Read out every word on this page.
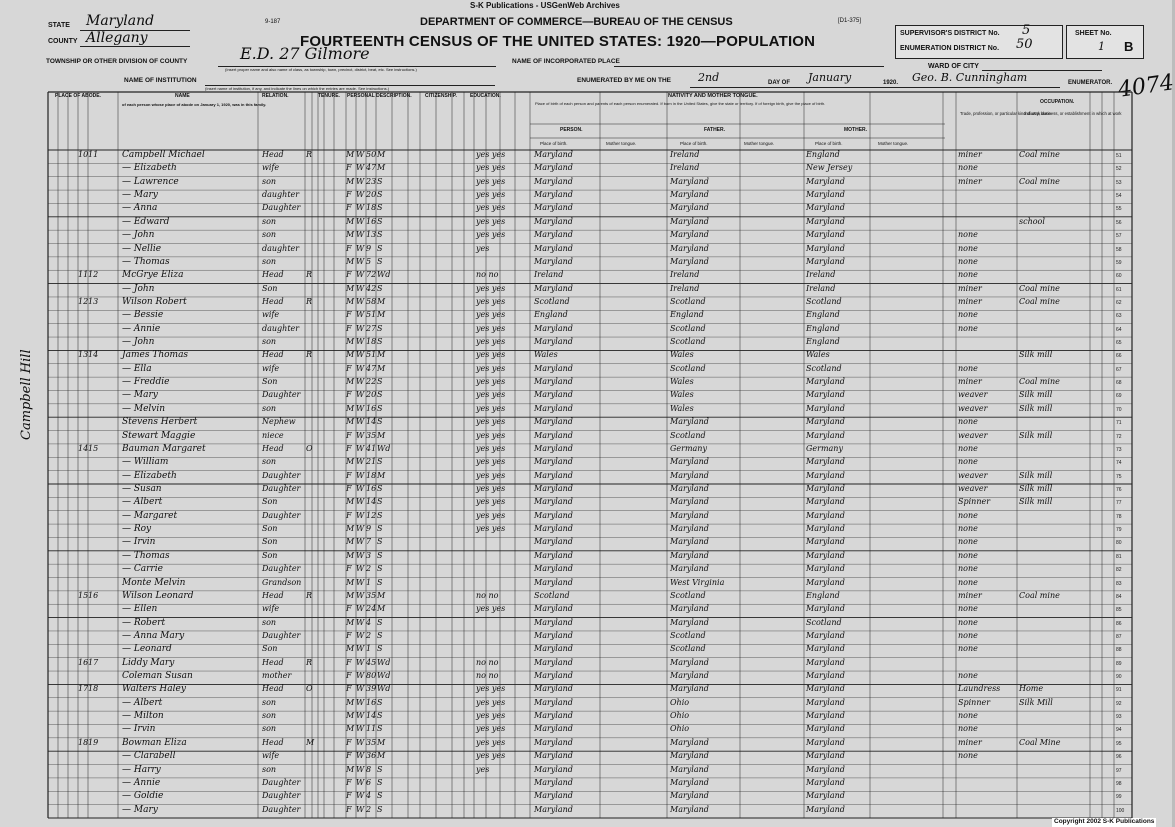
S-K Publications - USGenWeb Archives
9-187	DEPARTMENT OF COMMERCE—BUREAU OF THE CENSUS	[D1-375]
FOURTEENTH CENSUS OF THE UNITED STATES: 1920—POPULATION
STATE Maryland
COUNTY Allegany
TOWNSHIP OR OTHER DIVISION OF COUNTY	E.D. 27 Gilmore
(Insert proper name and also name of class, as township, town, precinct, district, beat, etc. See instructions.)
NAME OF INSTITUTION
(Insert name of institution, if any, and indicate the lines on which the entries are made. See instructions.)
NAME OF INCORPORATED PLACE
ENUMERATED BY ME ON THE 2nd	DAY OF January	1920. Geo. B. Cunningham	ENUMERATOR.
SUPERVISOR'S DISTRICT No. 5
ENUMERATION DISTRICT No. 50
SHEET No.
1 B
WARD OF CITY
4074
PLACE OF ABODE.	NAME
of each person whose place of abode on January 1, 1920, was in this family.
RELATION.	TENURE. PERSONAL DESCRIPTION.	CITIZENSHIP.	EDUCATION.	NATIVITY AND MOTHER TONGUE.
Place of birth of each person and parents of each person enumerated. If born in the United States, give the state or territory. If of foreign birth, give the place of birth.
PERSON.	FATHER.	MOTHER.
Place of birth.	Mother tongue.	Place of birth.	Mother tongue.	Place of birth.	Mother tongue.
OCCUPATION.
Trade, profession, or particular kind of work done
Industry, business, or establishment in which at work
51
10 11	Campbell Michael	Head	R	M W 50 M	yes yes	Maryland	Ireland	England	miner	Coal mine
52
— Elizabeth	wife	F W 47 M	yes yes	Maryland	Ireland	New Jersey	none
53
— Lawrence	son	M W 23 S	yes yes	Maryland	Maryland	Maryland	miner	Coal mine
54
— Mary	daughter	F W 20 S	yes yes	Maryland	Maryland	Maryland
55
— Anna	Daughter	F W 18 S	yes yes	Maryland	Maryland	Maryland
56
— Edward	son	M W 16 S	yes yes	Maryland	Maryland	Maryland	school
57
— John	son	M W 13 S	yes yes	Maryland	Maryland	Maryland	none
58
— Nellie	daughter	F W 9 S	yes	Maryland	Maryland	Maryland	none
59
— Thomas	son	M W 5 S	Maryland	Maryland	Maryland	none
60
11 12	McGrye Eliza	Head	R	F W 72 Wd	no no	Ireland	Ireland	Ireland	none
61
— John	Son	M W 42 S	yes yes	Maryland	Ireland	Ireland	miner	Coal mine
62
12 13	Wilson Robert	Head	R	M W 58 M	yes yes	Scotland	Scotland	Scotland	miner	Coal mine
63
— Bessie	wife	F W 51 M	yes yes	England	England	England	none
64
— Annie	daughter	F W 27 S	yes yes	Maryland	Scotland	England	none
65
— John	son	M W 18 S	yes yes	Maryland	Scotland	England
66
13 14	James Thomas	Head	R	M W 51 M	yes yes	Wales	Wales	Wales	Silk mill
67
— Ella	wife	F W 47 M	yes yes	Maryland	Scotland	Scotland	none
68
— Freddie	Son	M W 22 S	yes yes	Maryland	Wales	Maryland	miner	Coal mine
69
— Mary	Daughter	F W 20 S	yes yes	Maryland	Wales	Maryland	weaver	Silk mill
70
— Melvin	son	M W 16 S	yes yes	Maryland	Wales	Maryland	weaver	Silk mill
71
Stevens Herbert	Nephew	M W 14 S	yes yes	Maryland	Maryland	Maryland	none
72
Stewart Maggie	niece	F W 35 M	yes yes	Maryland	Scotland	Maryland	weaver	Silk mill
73
14 15	Bauman Margaret	Head	O	F W 41 Wd	yes yes	Maryland	Germany	Germany	none
74
— William	son	M W 21 S	yes yes	Maryland	Maryland	Maryland	none
75
— Elizabeth	Daughter	F W 18 M	yes yes	Maryland	Maryland	Maryland	weaver	Silk mill
76
— Susan	Daughter	F W 16 S	yes yes	Maryland	Maryland	Maryland	weaver	Silk mill
77
— Albert	Son	M W 14 S	yes yes	Maryland	Maryland	Maryland	Spinner	Silk mill
78
— Margaret	Daughter	F W 12 S	yes yes	Maryland	Maryland	Maryland	none
79
— Roy	Son	M W 9 S	yes yes	Maryland	Maryland	Maryland	none
80
— Irvin	Son	M W 7 S	Maryland	Maryland	Maryland	none
81
— Thomas	Son	M W 3 S	Maryland	Maryland	Maryland	none
82
— Carrie	Daughter	F W 2 S	Maryland	Maryland	Maryland	none
83
Monte Melvin	Grandson	M W 1 S	Maryland	West Virginia	Maryland	none
84
15 16	Wilson Leonard	Head	R	M W 35 M	no no	Scotland	Scotland	England	miner	Coal mine
85
— Ellen	wife	F W 24 M	yes yes	Maryland	Maryland	Maryland	none
86
— Robert	son	M W 4 S	Maryland	Maryland	Scotland	none
87
— Anna Mary	Daughter	F W 2 S	Maryland	Scotland	Maryland	none
88
— Leonard	Son	M W 1 S	Maryland	Scotland	Maryland	none
89
16 17	Liddy Mary	Head	R	F W 45 Wd	no no	Maryland	Maryland	Maryland
90
Coleman Susan	mother	F W 80 Wd	no no	Maryland	Maryland	Maryland	none
91
17 18	Walters Haley	Head	O	F W 39 Wd	yes yes	Maryland	Maryland	Maryland	Laundress	Home
92
— Albert	son	M W 16 S	yes yes	Maryland	Ohio	Maryland	Spinner	Silk Mill
93
— Milton	son	M W 14 S	yes yes	Maryland	Ohio	Maryland	none
94
— Irvin	son	M W 11 S	yes yes	Maryland	Ohio	Maryland	none
95
18 19	Bowman Eliza	Head	M	F W 35 M	yes yes	Maryland	Maryland	Maryland	miner	Coal Mine
96
— Clarabell	wife	F W 36 M	yes yes	Maryland	Maryland	Maryland	none
97
— Harry	son	M W 8 S	yes	Maryland	Maryland	Maryland
98
— Annie	Daughter	F W 6 S	Maryland	Maryland	Maryland
99
— Goldie	Daughter	F W 4 S	Maryland	Maryland	Maryland
100
— Mary	Daughter	F W 2 S	Maryland	Maryland	Maryland
Campbell Hill
Copyright 2002 S-K Publications
